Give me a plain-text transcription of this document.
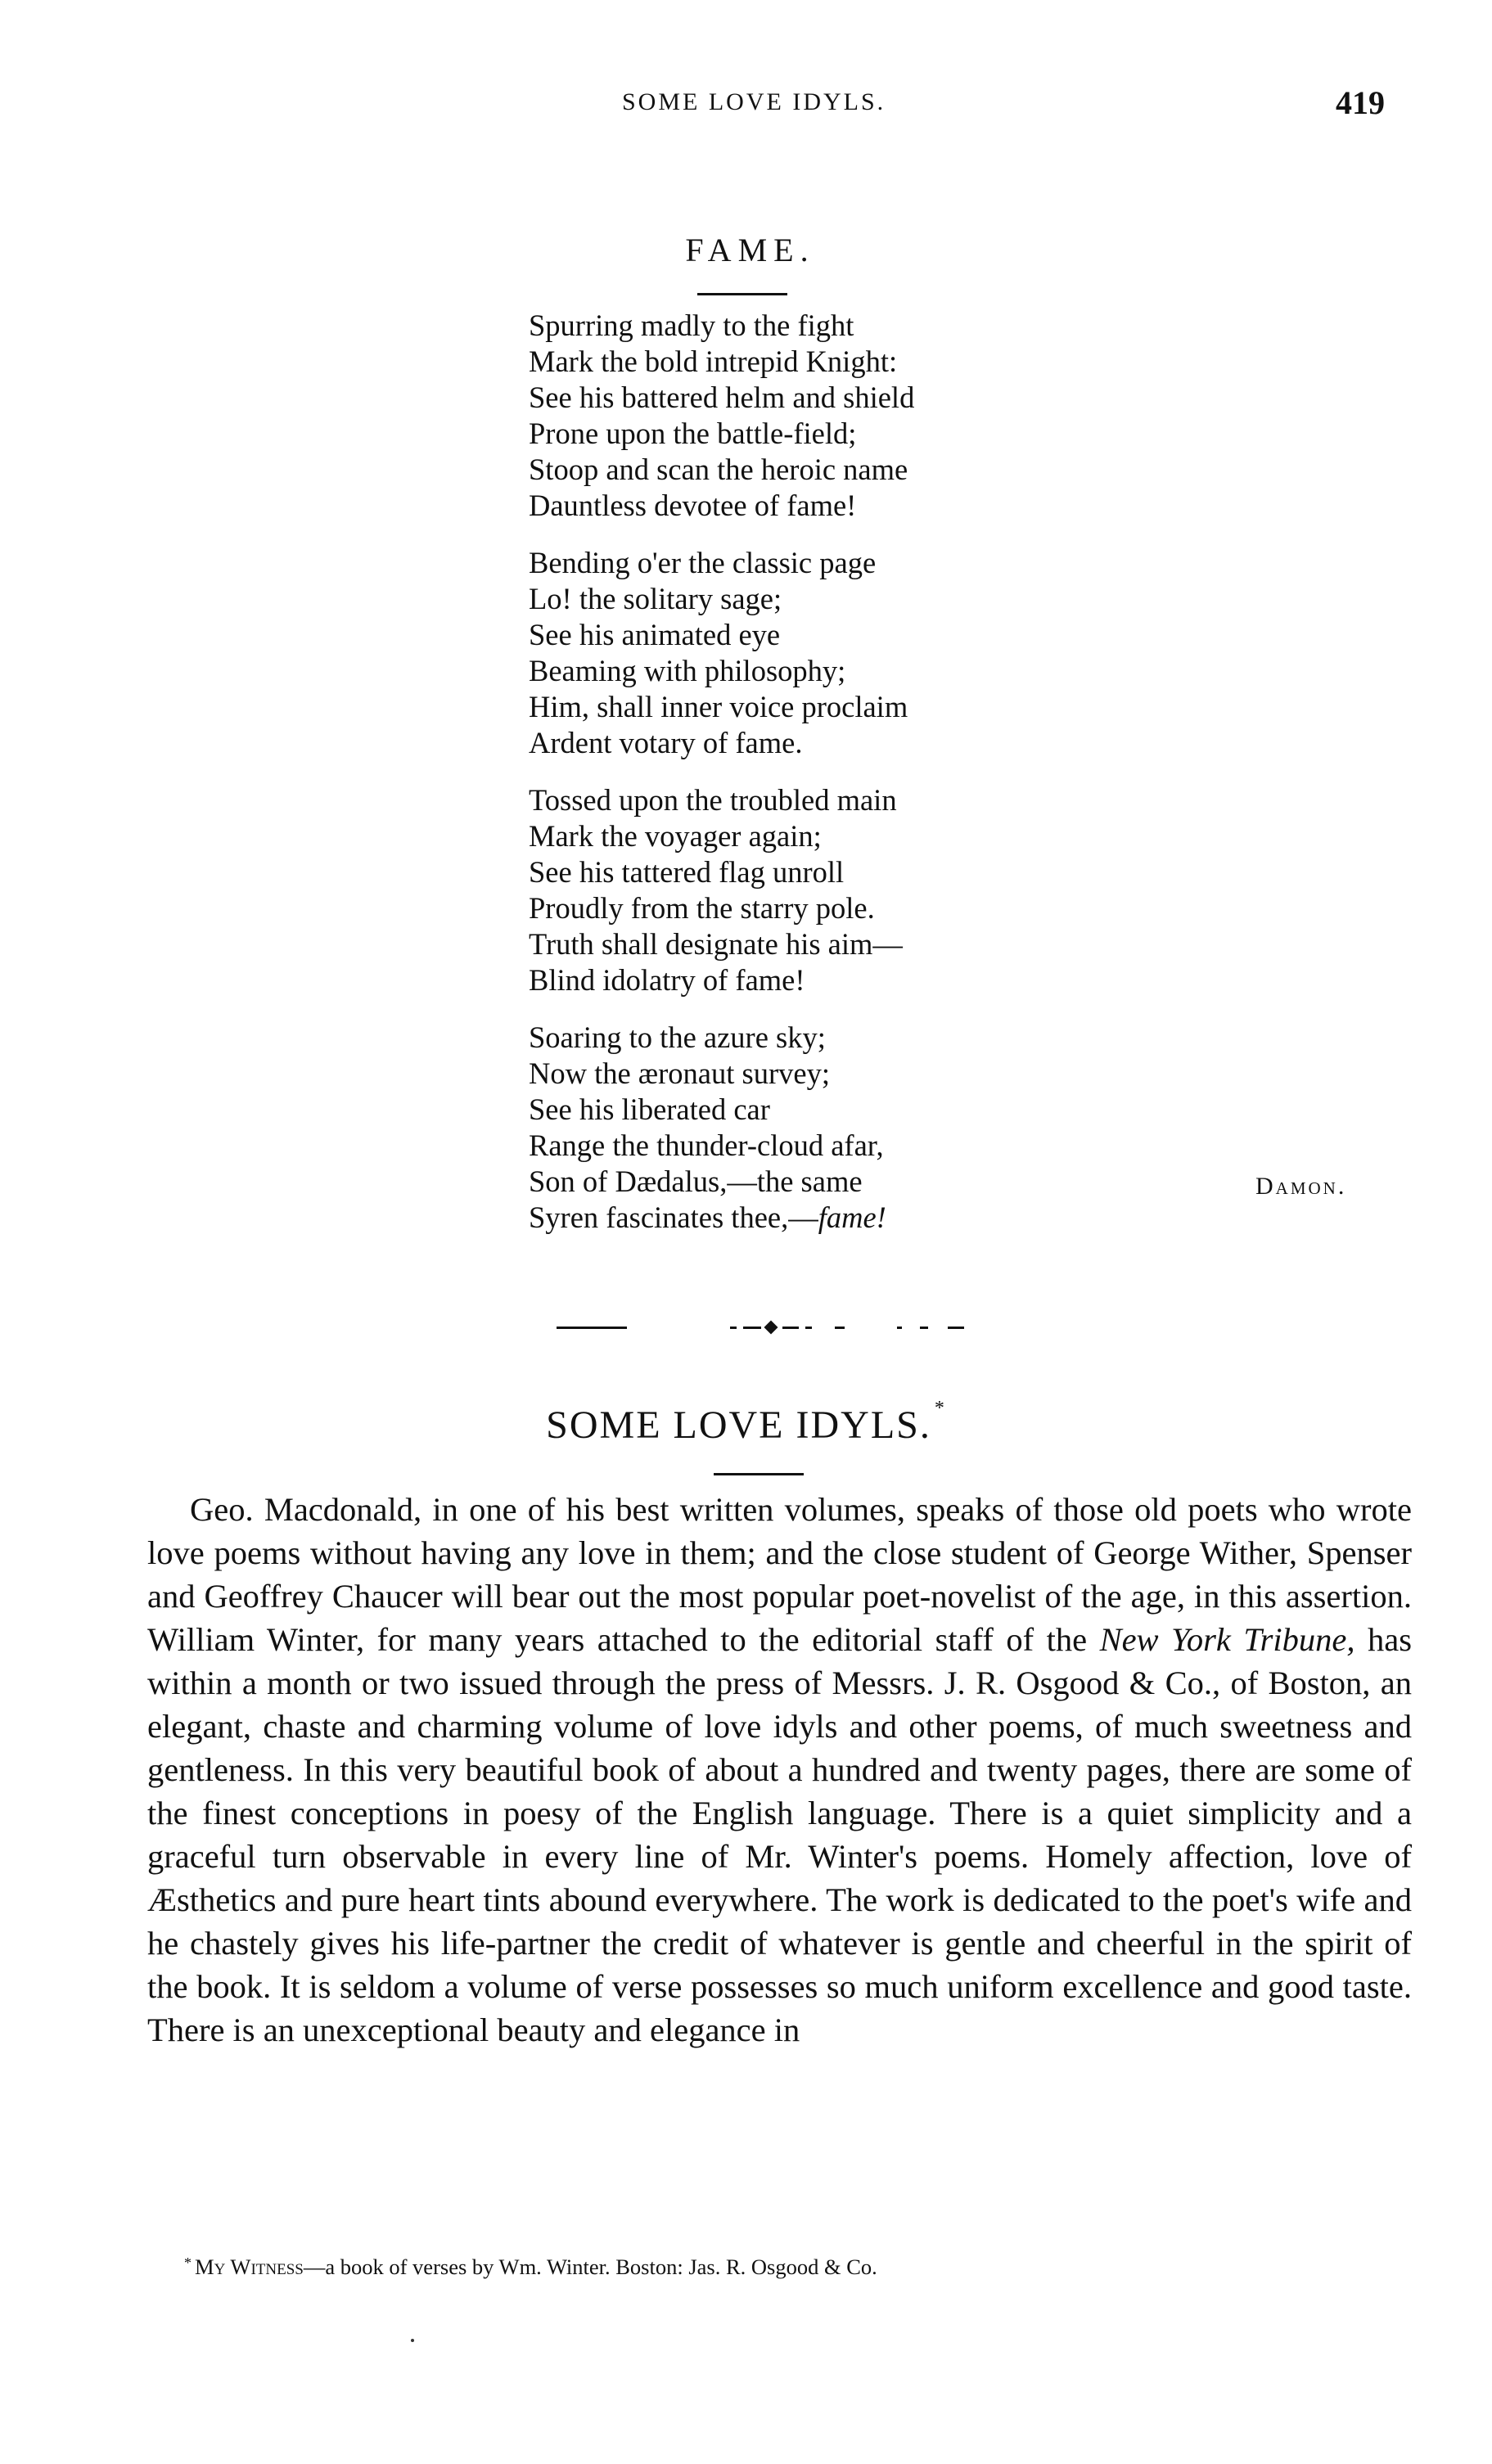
SOME LOVE IDYLS.	419
FAME.
Spurring madly to the fight
Mark the bold intrepid Knight:
See his battered helm and shield
Prone upon the battle-field;
Stoop and scan the heroic name
Dauntless devotee of fame!
Bending o'er the classic page
Lo! the solitary sage;
See his animated eye
Beaming with philosophy;
Him, shall inner voice proclaim
Ardent votary of fame.
Tossed upon the troubled main
Mark the voyager again;
See his tattered flag unroll
Proudly from the starry pole.
Truth shall designate his aim—
Blind idolatry of fame!
Soaring to the azure sky;
Now the æronaut survey;
See his liberated car
Range the thunder-cloud afar,
Son of Dædalus,—the same
Syren fascinates thee,—fame!
Damon.
SOME LOVE IDYLS. *

Geo. Macdonald, in one of his best written volumes, speaks of those old poets who wrote love poems without having any love in them; and the close student of George Wither, Spenser and Geoffrey Chaucer will bear out the most popular poet-novelist of the age, in this assertion. William Winter, for many years attached to the editorial staff of the New York Tribune, has within a month or two issued through the press of Messrs. J. R. Osgood & Co., of Boston, an elegant, chaste and charming volume of love idyls and other poems, of much sweetness and gentleness. In this very beautiful book of about a hundred and twenty pages, there are some of the finest conceptions in poesy of the English language. There is a quiet simplicity and a graceful turn observable in every line of Mr. Winter's poems. Homely affection, love of Æsthetics and pure heart tints abound everywhere. The work is dedicated to the poet's wife and he chastely gives his life-partner the credit of whatever is gentle and cheerful in the spirit of the book. It is seldom a volume of verse possesses so much uniform excellence and good taste. There is an unexceptional beauty and elegance in

* My Witness—a book of verses by Wm. Winter. Boston: Jas. R. Osgood & Co.
